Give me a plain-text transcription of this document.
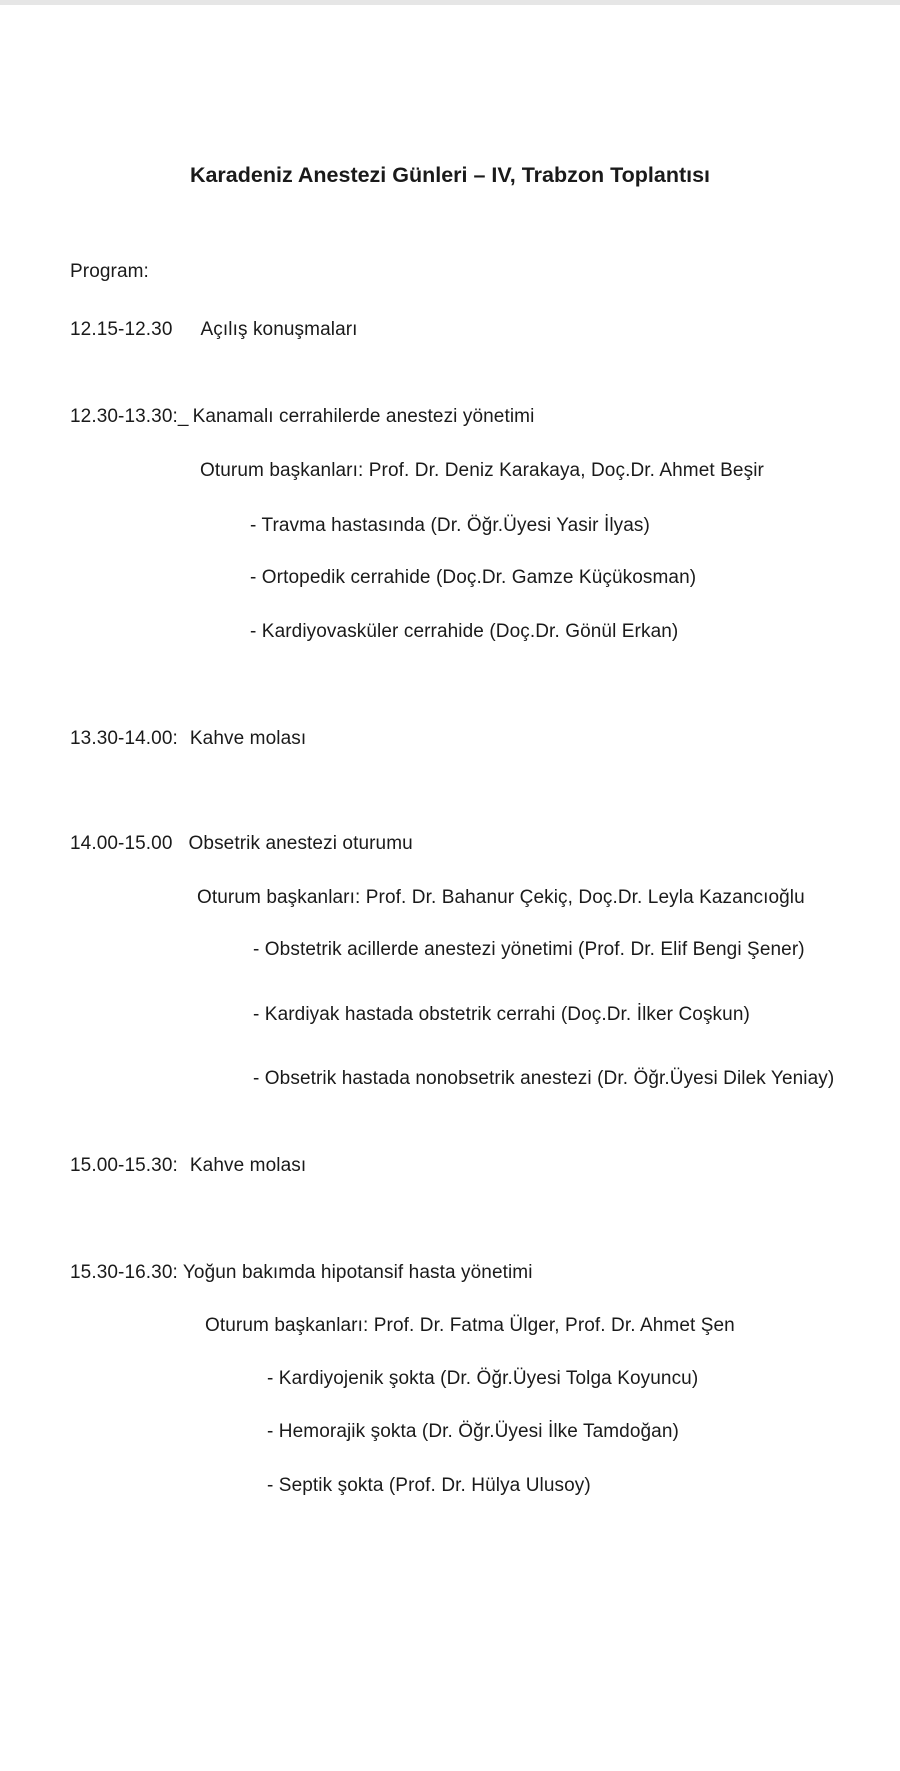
Karadeniz Anestezi Günleri – IV, Trabzon Toplantısı
Program:
12.15-12.30 Açılış konuşmaları
12.30-13.30:_ Kanamalı cerrahilerde anestezi yönetimi
Oturum başkanları: Prof. Dr. Deniz Karakaya, Doç.Dr. Ahmet Beşir
- Travma hastasında (Dr. Öğr.Üyesi Yasir İlyas)
- Ortopedik cerrahide (Doç.Dr. Gamze Küçükosman)
- Kardiyovasküler cerrahide (Doç.Dr. Gönül Erkan)
13.30-14.00: Kahve molası
14.00-15.00 Obsetrik anestezi oturumu
Oturum başkanları: Prof. Dr. Bahanur Çekiç, Doç.Dr. Leyla Kazancıoğlu
- Obstetrik acillerde anestezi yönetimi (Prof. Dr. Elif Bengi Şener)
- Kardiyak hastada obstetrik cerrahi (Doç.Dr. İlker Coşkun)
- Obsetrik hastada nonobsetrik anestezi (Dr. Öğr.Üyesi Dilek Yeniay)
15.00-15.30: Kahve molası
15.30-16.30: Yoğun bakımda hipotansif hasta yönetimi
Oturum başkanları: Prof. Dr. Fatma Ülger, Prof. Dr. Ahmet Şen
- Kardiyojenik şokta (Dr. Öğr.Üyesi Tolga Koyuncu)
- Hemorajik şokta (Dr. Öğr.Üyesi İlke Tamdoğan)
- Septik şokta (Prof. Dr. Hülya Ulusoy)
